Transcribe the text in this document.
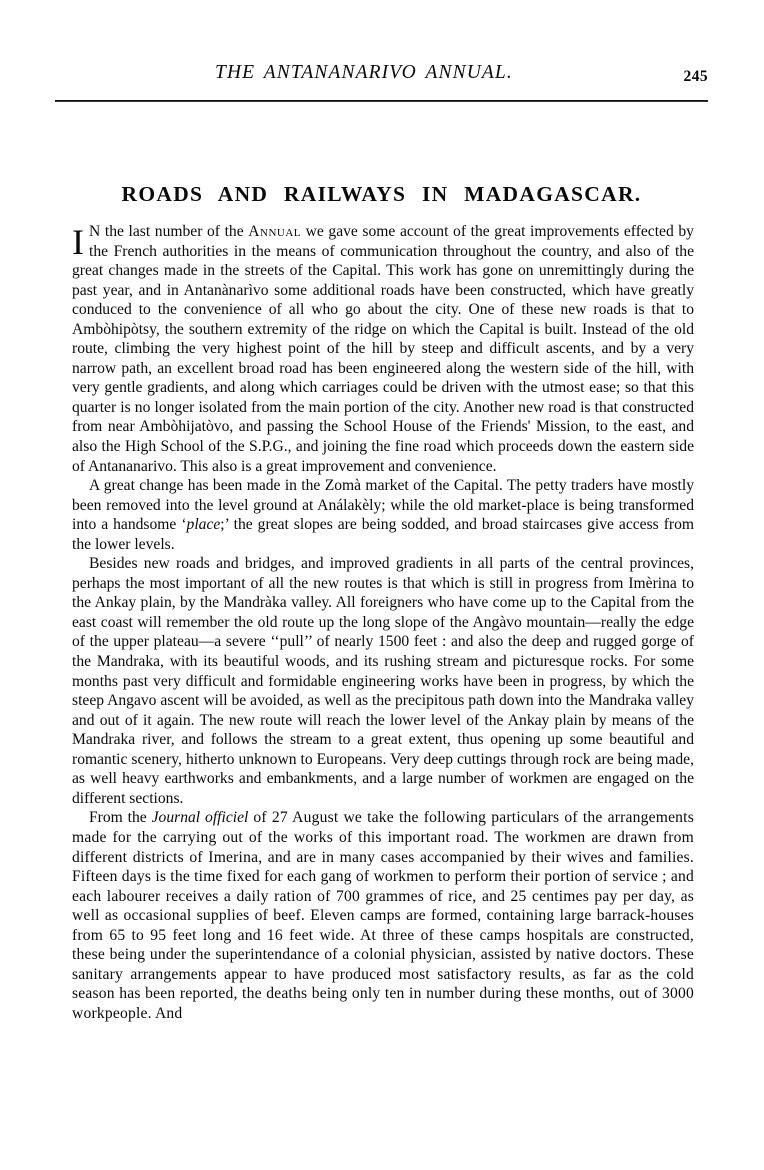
THE ANTANANARIVO ANNUAL.	245
ROADS AND RAILWAYS IN MADAGASCAR.

I N the last number of the Annual we gave some account of the great improvements effected by the French authorities in the means of communication throughout the country, and also of the great changes made in the streets of the Capital. This work has gone on unremittingly during the past year, and in Antanànarìvo some additional roads have been constructed, which have greatly conduced to the convenience of all who go about the city. One of these new roads is that to Ambòhipòtsy, the southern extremity of the ridge on which the Capital is built. Instead of the old route, climbing the very highest point of the hill by steep and difficult ascents, and by a very narrow path, an excellent broad road has been engineered along the western side of the hill, with very gentle gradients, and along which carriages could be driven with the utmost ease; so that this quarter is no longer isolated from the main portion of the city. Another new road is that constructed from near Ambòhijatòvo, and passing the School House of the Friends' Mission, to the east, and also the High School of the S.P.G., and joining the fine road which proceeds down the eastern side of Antananarivo. This also is a great improvement and convenience.

A great change has been made in the Zomà market of the Capital. The petty traders have mostly been removed into the level ground at Análakèly; while the old market-place is being transformed into a handsome ‘place;’ the great slopes are being sodded, and broad staircases give access from the lower levels.

Besides new roads and bridges, and improved gradients in all parts of the central provinces, perhaps the most important of all the new routes is that which is still in progress from Imèrina to the Ankay plain, by the Mandràka valley. All foreigners who have come up to the Capital from the east coast will remember the old route up the long slope of the Angàvo mountain—really the edge of the upper plateau—a severe ‘‘pull’’ of nearly 1500 feet : and also the deep and rugged gorge of the Mandraka, with its beautiful woods, and its rushing stream and picturesque rocks. For some months past very difficult and formidable engineering works have been in progress, by which the steep Angavo ascent will be avoided, as well as the precipitous path down into the Mandraka valley and out of it again. The new route will reach the lower level of the Ankay plain by means of the Mandraka river, and follows the stream to a great extent, thus opening up some beautiful and romantic scenery, hitherto unknown to Europeans. Very deep cuttings through rock are being made, as well heavy earthworks and embankments, and a large number of workmen are engaged on the different sections.

From the Journal officiel of 27 August we take the following particulars of the arrangements made for the carrying out of the works of this important road. The workmen are drawn from different districts of Imerina, and are in many cases accompanied by their wives and families. Fifteen days is the time fixed for each gang of workmen to perform their portion of service ; and each labourer receives a daily ration of 700 grammes of rice, and 25 centimes pay per day, as well as occasional supplies of beef. Eleven camps are formed, containing large barrack-houses from 65 to 95 feet long and 16 feet wide. At three of these camps hospitals are constructed, these being under the superintendance of a colonial physician, assisted by native doctors. These sanitary arrangements appear to have produced most satisfactory results, as far as the cold season has been reported, the deaths being only ten in number during these months, out of 3000 workpeople. And
